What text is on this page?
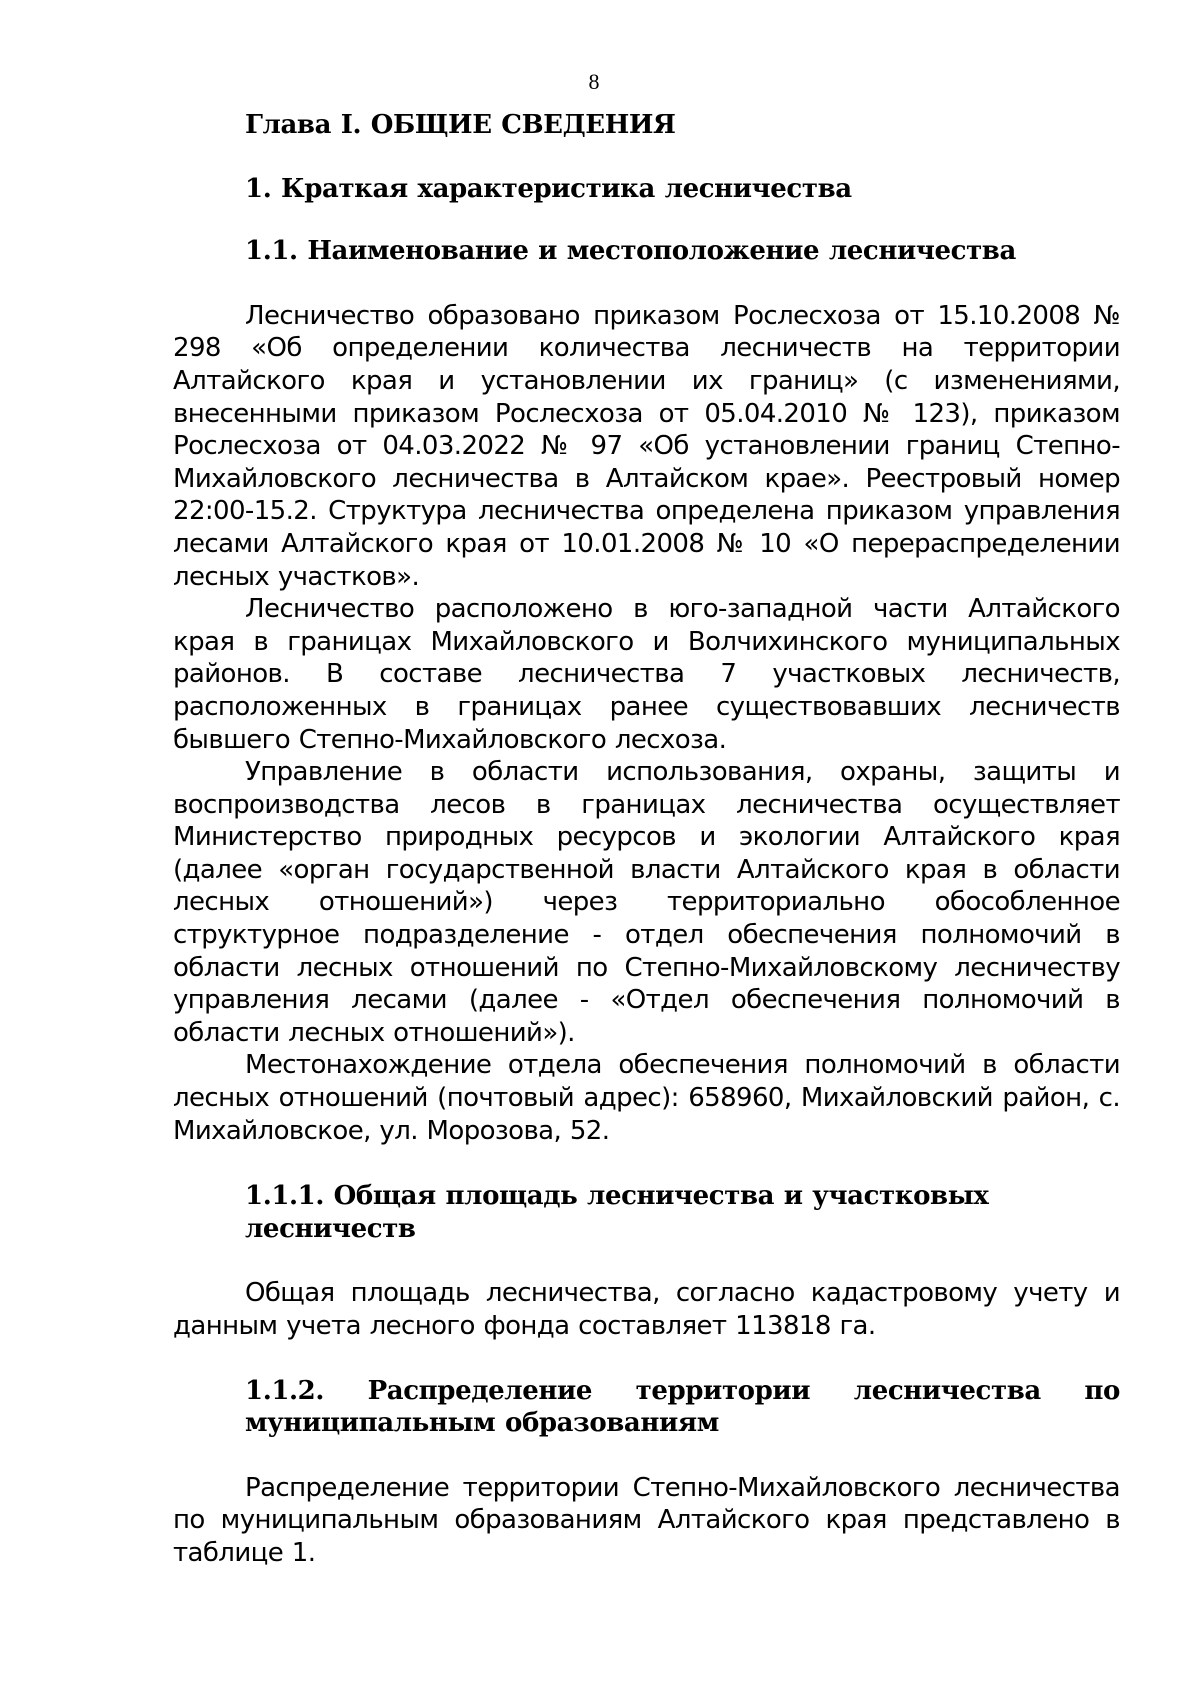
8
Глава I. ОБЩИЕ СВЕДЕНИЯ
1. Краткая характеристика лесничества
1.1. Наименование и местоположение лесничества

Лесничество образовано приказом Рослесхоза от 15.10.2008 № 298 «Об определении количества лесничеств на территории Алтайского края и установлении их границ» (с изменениями, внесенными приказом Рослесхоза от 05.04.2010 № 123), приказом Рослесхоза от 04.03.2022 № 97 «Об установлении границ Степно-Михайловского лесничества в Алтайском крае». Реестровый номер 22:00-15.2. Структура лесничества определена приказом управления лесами Алтайского края от 10.01.2008 № 10 «О перераспределении лесных участков».

Лесничество расположено в юго-западной части Алтайского края в границах Михайловского и Волчихинского муниципальных районов. В составе лесничества 7 участковых лесничеств, расположенных в границах ранее существовавших лесничеств бывшего Степно-Михайловского лесхоза.

Управление в области использования, охраны, защиты и воспроизводства лесов в границах лесничества осуществляет Министерство природных ресурсов и экологии Алтайского края (далее «орган государственной власти Алтайского края в области лесных отношений») через территориально обособленное структурное подразделение - отдел обеспечения полномочий в области лесных отношений по Степно-Михайловскому лесничеству управления лесами (далее - «Отдел обеспечения полномочий в области лесных отношений»).

Местонахождение отдела обеспечения полномочий в области лесных отношений (почтовый адрес): 658960, Михайловский район, с. Михайловское, ул. Морозова, 52.

1.1.1. Общая площадь лесничества и участковых лесничеств

Общая площадь лесничества, согласно кадастровому учету и данным учета лесного фонда составляет 113818 га.

1.1.2. Распределение территории лесничества по муниципальным образованиям

Распределение территории Степно-Михайловского лесничества по муниципальным образованиям Алтайского края представлено в таблице 1.
